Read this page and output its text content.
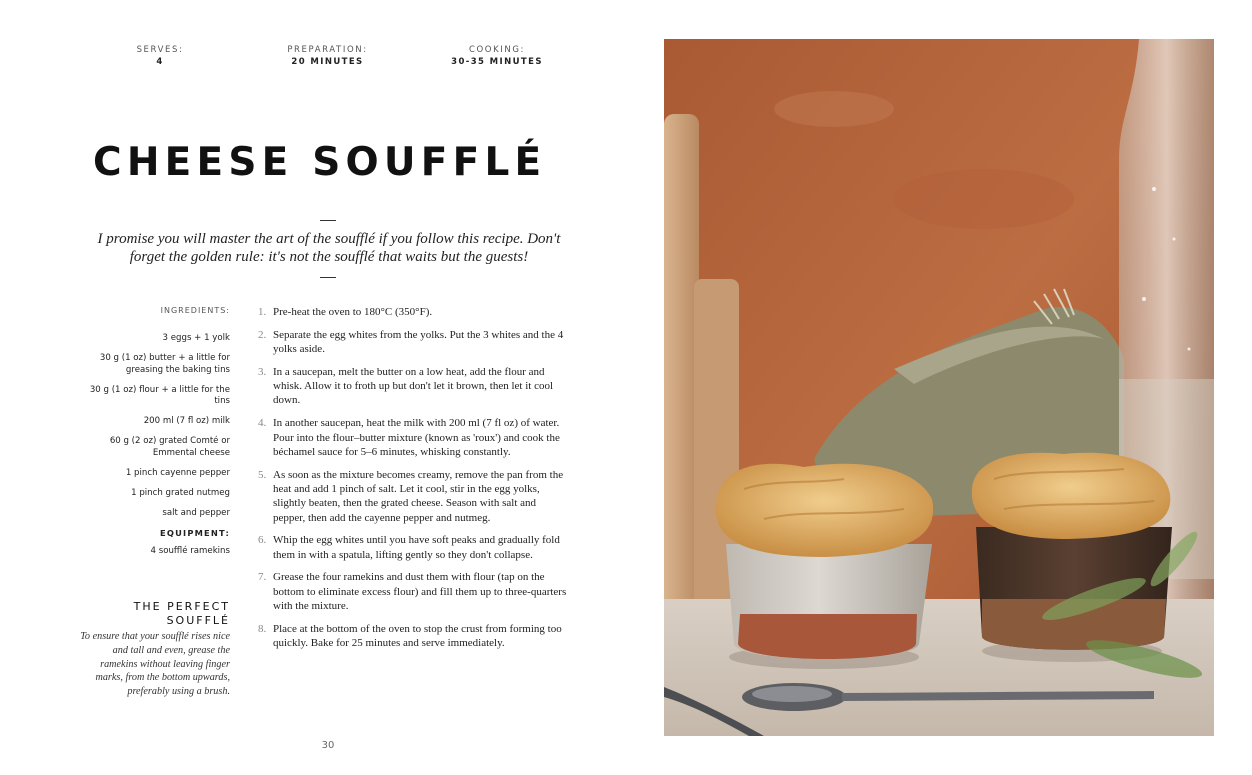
SERVES:
4
PREPARATION:
20 MINUTES
COOKING:
30-35 MINUTES
CHEESE SOUFFLÉ

I promise you will master the art of the soufflé if you follow this recipe. Don't forget the golden rule: it's not the soufflé that waits but the guests!

INGREDIENTS:
3 eggs + 1 yolk
30 g (1 oz) butter + a little for greasing the baking tins
30 g (1 oz) flour + a little for the tins
200 ml (7 fl oz) milk
60 g (2 oz) grated Comté or Emmental cheese
1 pinch cayenne pepper
1 pinch grated nutmeg
salt and pepper
EQUIPMENT:
4 soufflé ramekins
THE PERFECT SOUFFLÉ
To ensure that your soufflé rises nice and tall and even, grease the ramekins without leaving finger marks, from the bottom upwards, preferably using a brush.
1. Pre-heat the oven to 180°C (350°F).
2. Separate the egg whites from the yolks. Put the 3 whites and the 4 yolks aside.
3. In a saucepan, melt the butter on a low heat, add the flour and whisk. Allow it to froth up but don't let it brown, then let it cool down.
4. In another saucepan, heat the milk with 200 ml (7 fl oz) of water. Pour into the flour–butter mixture (known as 'roux') and cook the béchamel sauce for 5–6 minutes, whisking constantly.
5. As soon as the mixture becomes creamy, remove the pan from the heat and add 1 pinch of salt. Let it cool, stir in the egg yolks, slightly beaten, then the grated cheese. Season with salt and pepper, then add the cayenne pepper and nutmeg.
6. Whip the egg whites until you have soft peaks and gradually fold them in with a spatula, lifting gently so they don't collapse.
7. Grease the four ramekins and dust them with flour (tap on the bottom to eliminate excess flour) and fill them up to three-quarters with the mixture.
8. Place at the bottom of the oven to stop the crust from forming too quickly. Bake for 25 minutes and serve immediately.
30
